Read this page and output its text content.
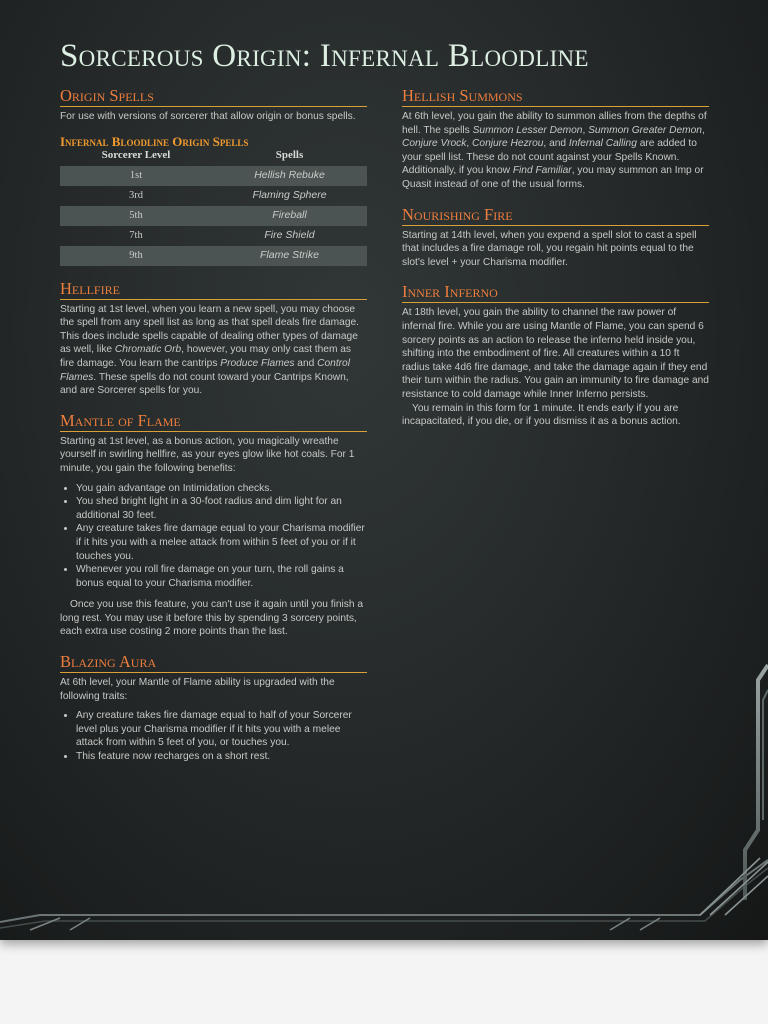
Sorcerous Origin: Infernal Bloodline
Origin Spells

For use with versions of sorcerer that allow origin or bonus spells.

Infernal Bloodline Origin Spells
Sorcerer Level	Spells
1st	Hellish Rebuke
3rd	Flaming Sphere
5th	Fireball
7th	Fire Shield
9th	Flame Strike
Hellfire

Starting at 1st level, when you learn a new spell, you may choose the spell from any spell list as long as that spell deals fire damage. This does include spells capable of dealing other types of damage as well, like Chromatic Orb, however, you may only cast them as fire damage. You learn the cantrips Produce Flames and Control Flames. These spells do not count toward your Cantrips Known, and are Sorcerer spells for you.

Mantle of Flame

Starting at 1st level, as a bonus action, you magically wreathe yourself in swirling hellfire, as your eyes glow like hot coals. For 1 minute, you gain the following benefits:

• You gain advantage on Intimidation checks.
• You shed bright light in a 30-foot radius and dim light for an additional 30 feet.
• Any creature takes fire damage equal to your Charisma modifier if it hits you with a melee attack from within 5 feet of you or if it touches you.
• Whenever you roll fire damage on your turn, the roll gains a bonus equal to your Charisma modifier.

Once you use this feature, you can't use it again until you finish a long rest. You may use it before this by spending 3 sorcery points, each extra use costing 2 more points than the last.

Blazing Aura

At 6th level, your Mantle of Flame ability is upgraded with the following traits:

• Any creature takes fire damage equal to half of your Sorcerer level plus your Charisma modifier if it hits you with a melee attack from within 5 feet of you, or touches you.
• This feature now recharges on a short rest.
Hellish Summons

At 6th level, you gain the ability to summon allies from the depths of hell. The spells Summon Lesser Demon, Summon Greater Demon, Conjure Vrock, Conjure Hezrou, and Infernal Calling are added to your spell list. These do not count against your Spells Known. Additionally, if you know Find Familiar, you may summon an Imp or Quasit instead of one of the usual forms.

Nourishing Fire

Starting at 14th level, when you expend a spell slot to cast a spell that includes a fire damage roll, you regain hit points equal to the slot's level + your Charisma modifier.

Inner Inferno

At 18th level, you gain the ability to channel the raw power of infernal fire. While you are using Mantle of Flame, you can spend 6 sorcery points as an action to release the inferno held inside you, shifting into the embodiment of fire. All creatures within a 10 ft radius take 4d6 fire damage, and take the damage again if they end their turn within the radius. You gain an immunity to fire damage and resistance to cold damage while Inner Inferno persists.

You remain in this form for 1 minute. It ends early if you are incapacitated, if you die, or if you dismiss it as a bonus action.
